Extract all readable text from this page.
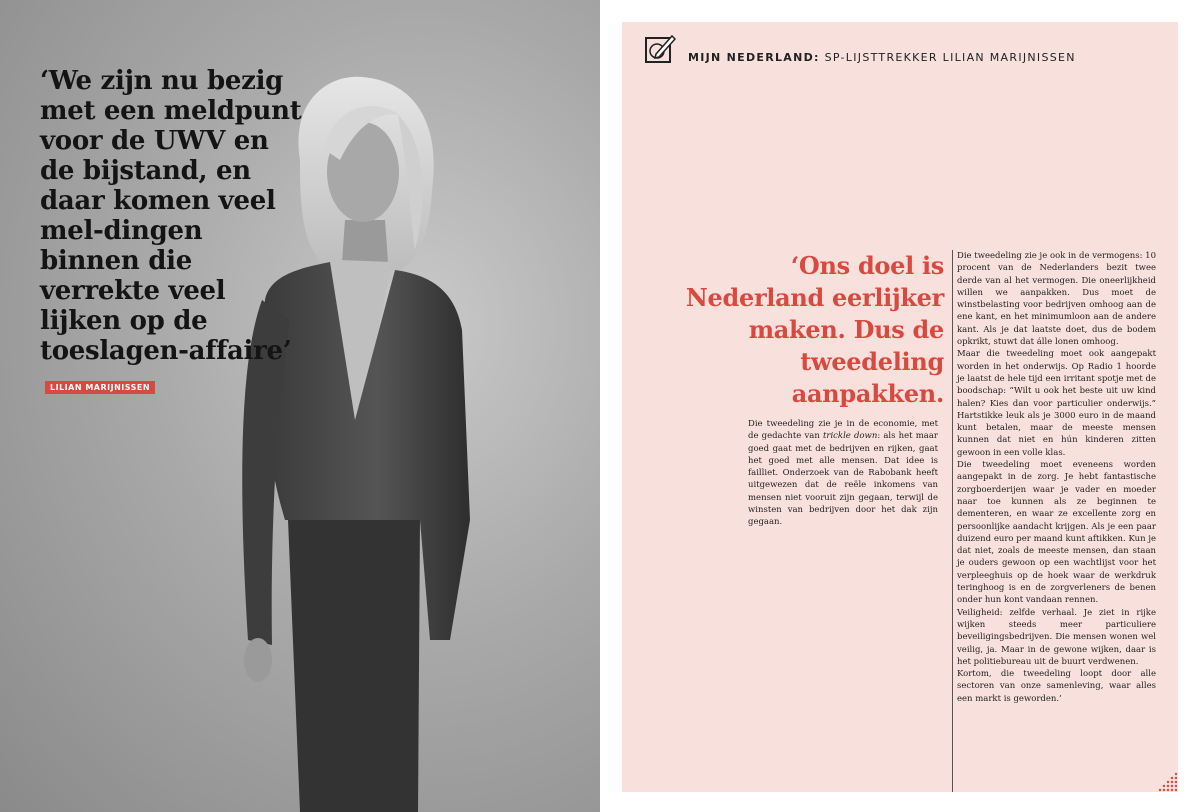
‘We zijn nu bezig met een meldpunt voor de UWV en de bijstand, en daar komen veel mel-dingen binnen die verrekte veel lijken op de toeslagen-affaire’
LILIAN MARIJNISSEN
MIJN NEDERLAND: SP-LIJSTTREKKER LILIAN MARIJNISSEN
‘Ons doel is Nederland eerlijker maken. Dus de tweedeling aanpakken.

Die tweedeling zie je in de economie, met de gedachte van trickle down: als het maar goed gaat met de bedrijven en rijken, gaat het goed met alle mensen. Dat idee is failliet. Onderzoek van de Rabobank heeft uitgewezen dat de reële inkomens van mensen niet vooruit zijn gegaan, terwijl de winsten van bedrijven door het dak zijn gegaan.

Die tweedeling zie je ook in de vermogens: 10 procent van de Nederlanders bezit twee derde van al het vermogen. Die oneerlijkheid willen we aanpakken. Dus moet de winstbelasting voor bedrijven omhoog aan de ene kant, en het minimumloon aan de andere kant. Als je dat laatste doet, dus de bodem opkrikt, stuwt dat álle lonen omhoog.

Maar die tweedeling moet ook aangepakt worden in het onderwijs. Op Radio 1 hoorde je laatst de hele tijd een irritant spotje met de boodschap: “Wilt u ook het beste uit uw kind halen? Kies dan voor particulier onderwijs.” Hartstikke leuk als je 3000 euro in de maand kunt betalen, maar de meeste mensen kunnen dat niet en hún kinderen zitten gewoon in een volle klas.

Die tweedeling moet eveneens worden aangepakt in de zorg. Je hebt fantastische zorgboerderijen waar je vader en moeder naar toe kunnen als ze beginnen te dementeren, en waar ze excellente zorg en persoonlijke aandacht krijgen. Als je een paar duizend euro per maand kunt aftikken. Kun je dat niet, zoals de meeste mensen, dan staan je ouders gewoon op een wachtlijst voor het verpleeghuis op de hoek waar de werkdruk teringhoog is en de zorgverleners de benen onder hun kont vandaan rennen.

Veiligheid: zelfde verhaal. Je ziet in rijke wijken steeds meer particuliere beveiligingsbedrijven. Die mensen wonen wel veilig, ja. Maar in de gewone wijken, daar is het politiebureau uit de buurt verdwenen.

Kortom, die tweedeling loopt door alle sectoren van onze samenleving, waar alles een markt is geworden.’
